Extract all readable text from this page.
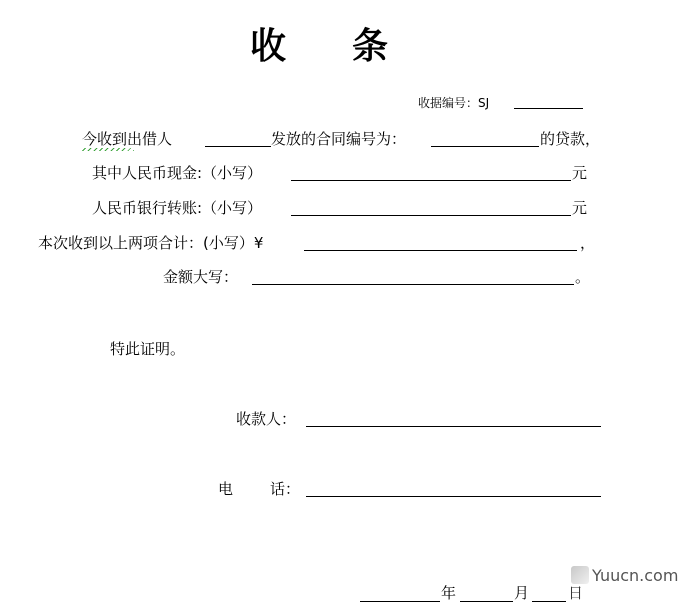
收 条
收据编号：SJ
今收到出借人	发放的合同编号为：	的贷款，
其中人民币现金:（小写）	元
人民币银行转账:（小写）	元
本次收到以上两项合计：(小写）¥	，
金额大写：	。
特此证明。
收款人：
电 话：
年	月	日
Yuucn.com
